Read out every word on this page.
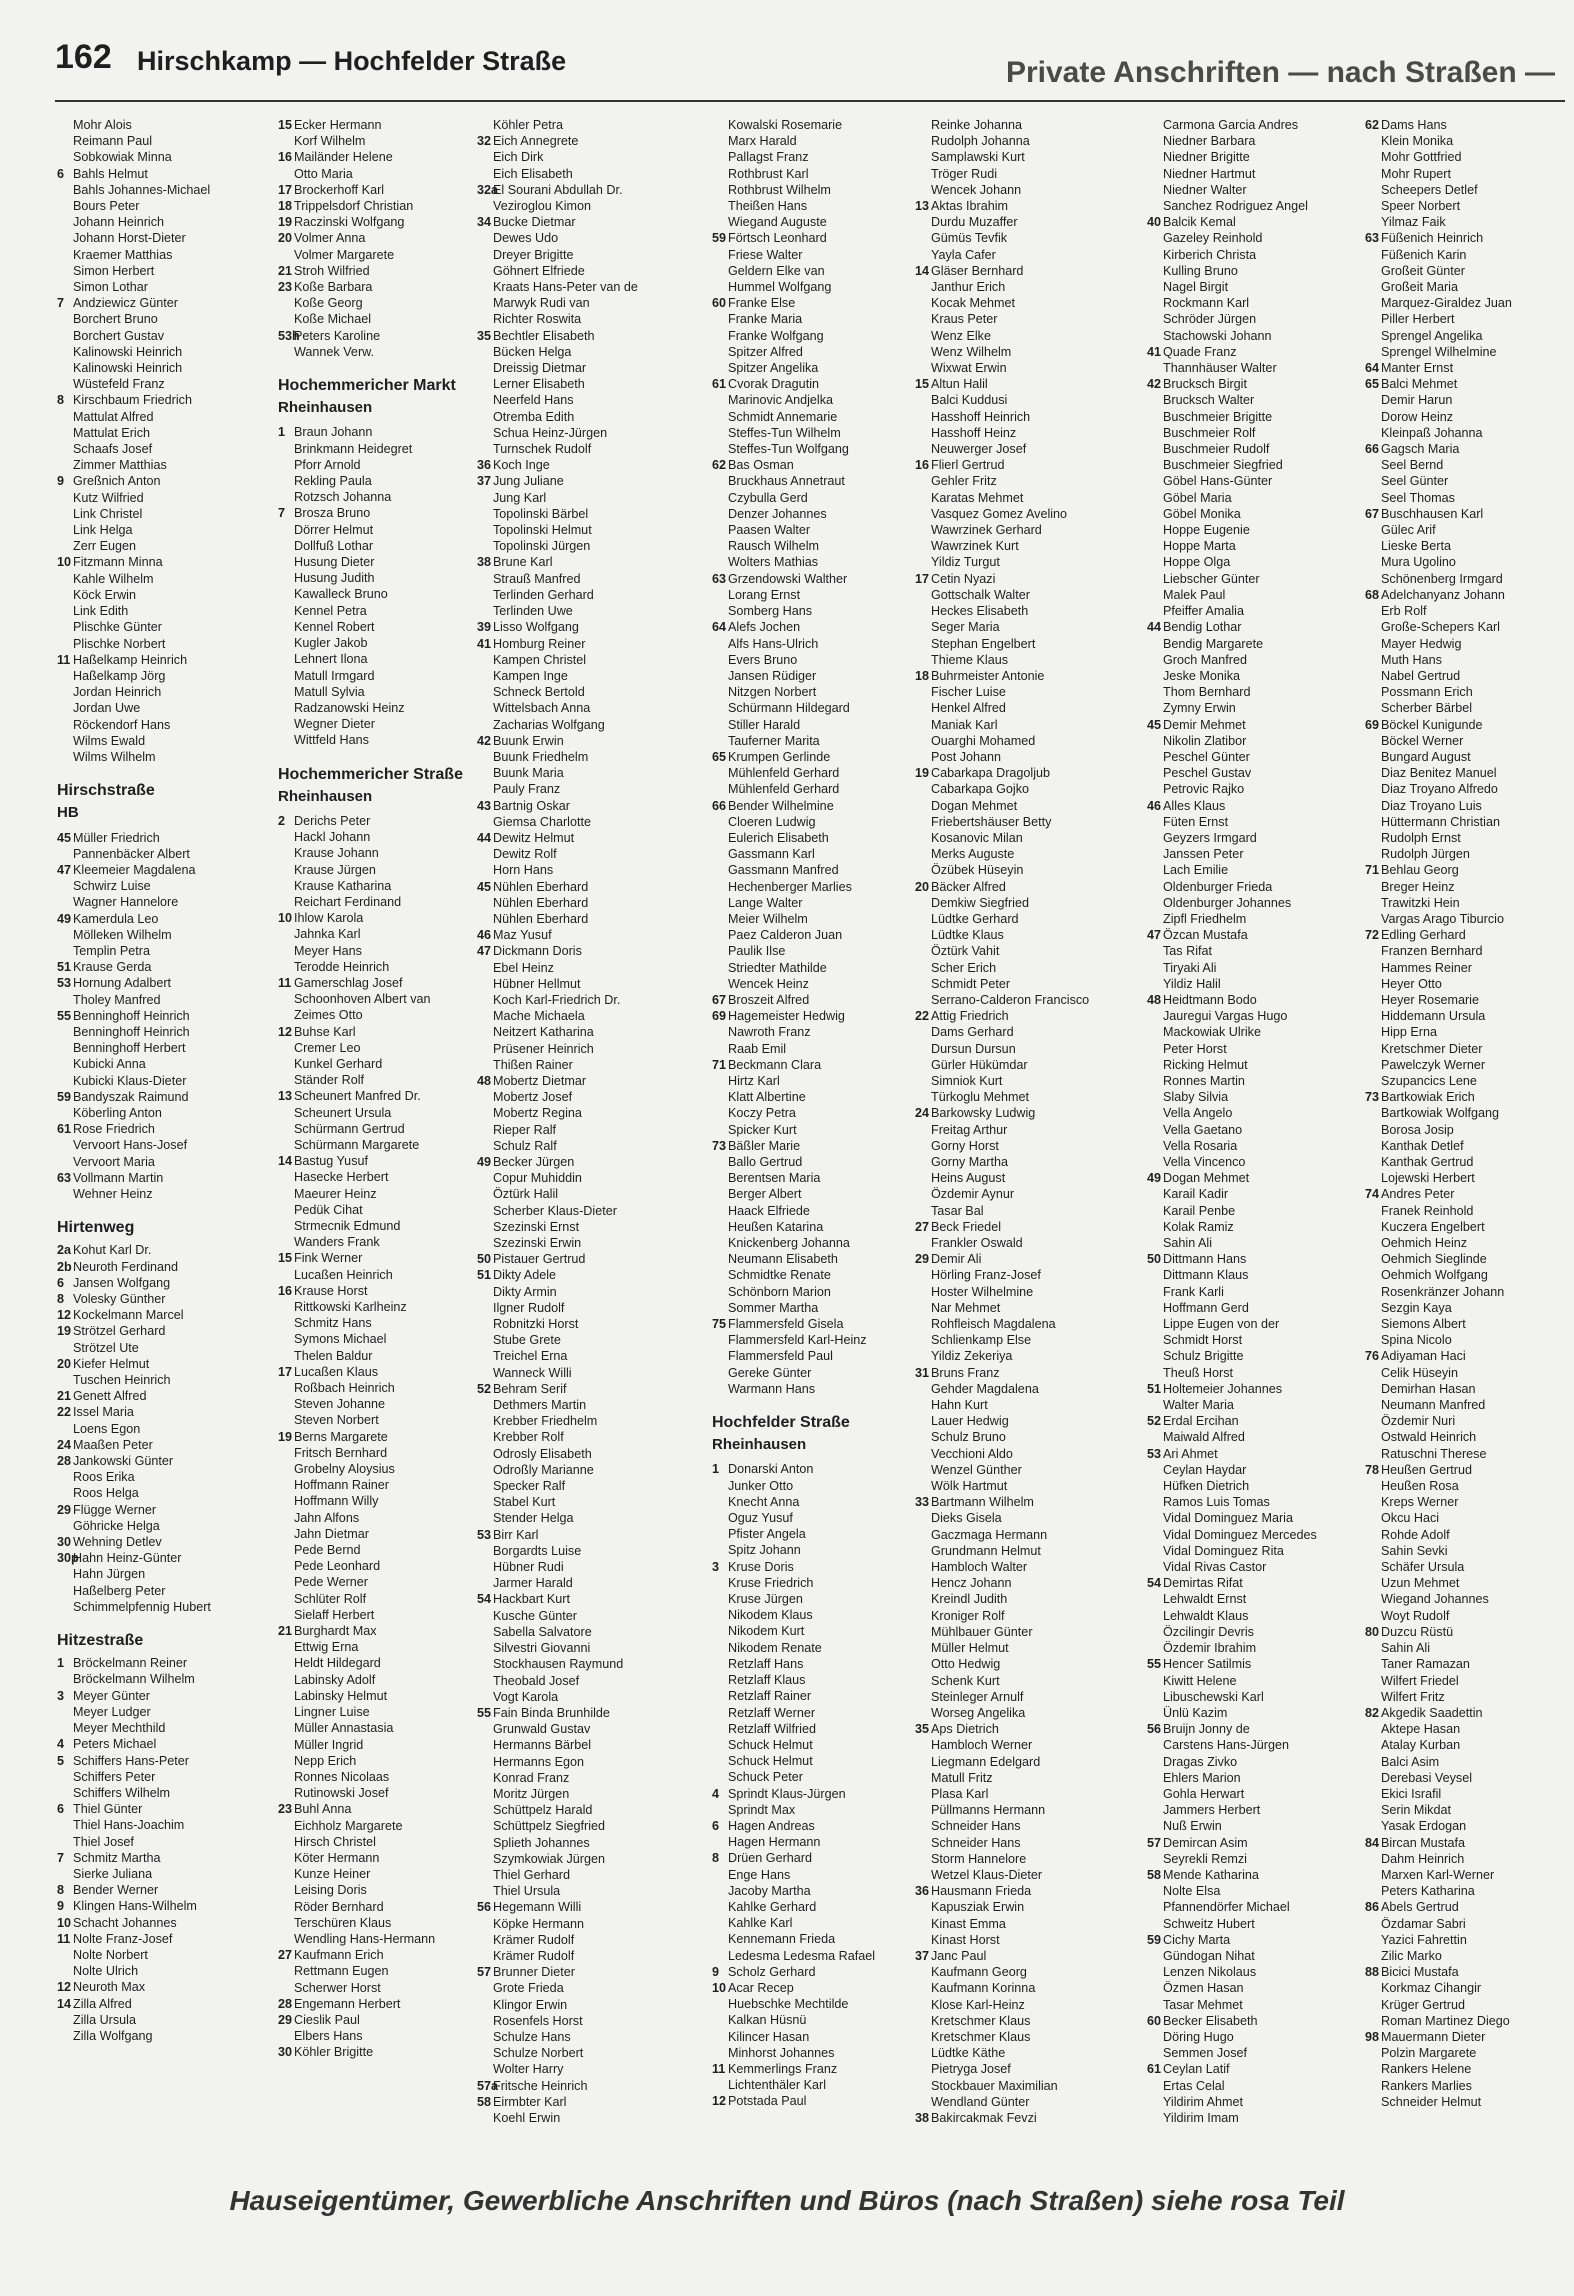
162 Hirschkamp — Hochfelder Straße	Private Anschriften — nach Straßen —
Mohr Alois
Reimann Paul
Sobkowiak Minna
6 Bahls Helmut
Bahls Johannes-Michael
Bours Peter
Johann Heinrich
Johann Horst-Dieter
Kraemer Matthias
Simon Herbert
Simon Lothar
7 Andziewicz Günter
Borchert Bruno
Borchert Gustav
Kalinowski Heinrich
Kalinowski Heinrich
Wüstefeld Franz
8 Kirschbaum Friedrich
Mattulat Alfred
Mattulat Erich
Schaafs Josef
Zimmer Matthias
9 Greßnich Anton
Kutz Wilfried
Link Christel
Link Helga
Zerr Eugen
10 Fitzmann Minna
Kahle Wilhelm
Köck Erwin
Link Edith
Plischke Günter
Plischke Norbert
11 Haßelkamp Heinrich
Haßelkamp Jörg
Jordan Heinrich
Jordan Uwe
Röckendorf Hans
Wilms Ewald
Wilms Wilhelm
Hirschstraße
HB
45 Müller Friedrich
Pannenbäcker Albert
47 Kleemeier Magdalena
Schwirz Luise
Wagner Hannelore
49 Kamerdula Leo
Mölleken Wilhelm
Templin Petra
51 Krause Gerda
53 Hornung Adalbert
Tholey Manfred
55 Benninghoff Heinrich
Benninghoff Heinrich
Benninghoff Herbert
Kubicki Anna
Kubicki Klaus-Dieter
59 Bandyszak Raimund
Köberling Anton
61 Rose Friedrich
Vervoort Hans-Josef
Vervoort Maria
63 Vollmann Martin
Wehner Heinz
Hirtenweg
2a Kohut Karl Dr.
2bNeuroth Ferdinand
6 Jansen Wolfgang
8 Volesky Günther
12 Kockelmann Marcel
19 Strötzel Gerhard
Strötzel Ute
20 Kiefer Helmut
Tuschen Heinrich
21 Genett Alfred
22 Issel Maria
Loens Egon
24 Maaßen Peter
28 Jankowski Günter
Roos Erika
Roos Helga
29 Flügge Werner
Göhricke Helga
30 Wehning Detlev
30pHahn Heinz-Günter
Hahn Jürgen
Haßelberg Peter
Schimmelpfennig Hubert
Hitzestraße
1 Bröckelmann Reiner
Bröckelmann Wilhelm
3 Meyer Günter
Meyer Ludger
Meyer Mechthild
4 Peters Michael
5 Schiffers Hans-Peter
Schiffers Peter
Schiffers Wilhelm
6 Thiel Günter
Thiel Hans-Joachim
Thiel Josef
7 Schmitz Martha
Sierke Juliana
8 Bender Werner
9 Klingen Hans-Wilhelm
10 Schacht Johannes
11 Nolte Franz-Josef
Nolte Norbert
Nolte Ulrich
12 Neuroth Max
14 Zilla Alfred
Zilla Ursula
Zilla Wolfgang
15 Ecker Hermann
Korf Wilhelm
16 Mailänder Helene
Otto Maria
17 Brockerhoff Karl
18 Trippelsdorf Christian
19 Raczinski Wolfgang
20 Volmer Anna
Volmer Margarete
21 Stroh Wilfried
23 Koße Barbara
Koße Georg
Koße Michael
53hPeters Karoline
Wannek Verw.
Hochemmericher Markt
Rheinhausen
1 Braun Johann
Brinkmann Heidegret
Pforr Arnold
Rekling Paula
Rotzsch Johanna
7 Brosza Bruno
Dörrer Helmut
Dollfuß Lothar
Husung Dieter
Husung Judith
Kawalleck Bruno
Kennel Petra
Kennel Robert
Kugler Jakob
Lehnert Ilona
Matull Irmgard
Matull Sylvia
Radzanowski Heinz
Wegner Dieter
Wittfeld Hans
Hochemmericher Straße
Rheinhausen
2 Derichs Peter
Hackl Johann
Krause Johann
Krause Jürgen
Krause Katharina
Reichart Ferdinand
10 Ihlow Karola
Jahnka Karl
Meyer Hans
Terodde Heinrich
11 Gamerschlag Josef
Schoonhoven Albert van
Zeimes Otto
12 Buhse Karl
Cremer Leo
Kunkel Gerhard
Ständer Rolf
13 Scheunert Manfred Dr.
Scheunert Ursula
Schürmann Gertrud
Schürmann Margarete
14 Bastug Yusuf
Hasecke Herbert
Maeurer Heinz
Pedük Cihat
Strmecnik Edmund
Wanders Frank
15 Fink Werner
Lucaßen Heinrich
16 Krause Horst
Rittkowski Karlheinz
Schmitz Hans
Symons Michael
Thelen Baldur
17 Lucaßen Klaus
Roßbach Heinrich
Steven Johanne
Steven Norbert
19 Berns Margarete
Fritsch Bernhard
Grobelny Aloysius
Hoffmann Rainer
Hoffmann Willy
Jahn Alfons
Jahn Dietmar
Pede Bernd
Pede Leonhard
Pede Werner
Schlüter Rolf
Sielaff Herbert
21 Burghardt Max
Ettwig Erna
Heldt Hildegard
Labinsky Adolf
Labinsky Helmut
Lingner Luise
Müller Annastasia
Müller Ingrid
Nepp Erich
Ronnes Nicolaas
Rutinowski Josef
23 Buhl Anna
Eichholz Margarete
Hirsch Christel
Köter Hermann
Kunze Heiner
Leising Doris
Röder Bernhard
Terschüren Klaus
Wendling Hans-Hermann
27 Kaufmann Erich
Rettmann Eugen
Scherwer Horst
28 Engemann Herbert
29 Cieslik Paul
Elbers Hans
30 Köhler Brigitte
Köhler Petra
32 Eich Annegrete
Eich Dirk
Eich Elisabeth
32aEl Sourani Abdullah Dr.
Veziroglou Kimon
34 Bucke Dietmar
Dewes Udo
Dreyer Brigitte
Göhnert Elfriede
Kraats Hans-Peter van de
Marwyk Rudi van
Richter Roswita
35 Bechtler Elisabeth
Bücken Helga
Dreissig Dietmar
Lerner Elisabeth
Neerfeld Hans
Otremba Edith
Schua Heinz-Jürgen
Turnschek Rudolf
36 Koch Inge
37 Jung Juliane
Jung Karl
Topolinski Bärbel
Topolinski Helmut
Topolinski Jürgen
38 Brune Karl
Strauß Manfred
Terlinden Gerhard
Terlinden Uwe
39 Lisso Wolfgang
41 Homburg Reiner
Kampen Christel
Kampen Inge
Schneck Bertold
Wittelsbach Anna
Zacharias Wolfgang
42 Buunk Erwin
Buunk Friedhelm
Buunk Maria
Pauly Franz
43 Bartnig Oskar
Giemsa Charlotte
44 Dewitz Helmut
Dewitz Rolf
Horn Hans
45 Nühlen Eberhard
Nühlen Eberhard
Nühlen Eberhard
46 Maz Yusuf
47 Dickmann Doris
Ebel Heinz
Hübner Hellmut
Koch Karl-Friedrich Dr.
Mache Michaela
Neitzert Katharina
Prüsener Heinrich
Thißen Rainer
48 Mobertz Dietmar
Mobertz Josef
Mobertz Regina
Rieper Ralf
Schulz Ralf
49 Becker Jürgen
Copur Muhiddin
Öztürk Halil
Scherber Klaus-Dieter
Szezinski Ernst
Szezinski Erwin
50 Pistauer Gertrud
51 Dikty Adele
Dikty Armin
Ilgner Rudolf
Robnitzki Horst
Stube Grete
Treichel Erna
Wanneck Willi
52 Behram Serif
Dethmers Martin
Krebber Friedhelm
Krebber Rolf
Odrosly Elisabeth
Odroßly Marianne
Specker Ralf
Stabel Kurt
Stender Helga
53 Birr Karl
Borgardts Luise
Hübner Rudi
Jarmer Harald
54 Hackbart Kurt
Kusche Günter
Sabella Salvatore
Silvestri Giovanni
Stockhausen Raymund
Theobald Josef
Vogt Karola
55 Fain Binda Brunhilde
Grunwald Gustav
Hermanns Bärbel
Hermanns Egon
Konrad Franz
Moritz Jürgen
Schüttpelz Harald
Schüttpelz Siegfried
Splieth Johannes
Szymkowiak Jürgen
Thiel Gerhard
Thiel Ursula
56 Hegemann Willi
Köpke Hermann
Krämer Rudolf
Krämer Rudolf
57 Brunner Dieter
Grote Frieda
Klingor Erwin
Rosenfels Horst
Schulze Hans
Schulze Norbert
Wolter Harry
57aFritsche Heinrich
58 Eirmbter Karl
Koehl Erwin
Kowalski Rosemarie
Marx Harald
Pallagst Franz
Rothbrust Karl
Rothbrust Wilhelm
Theißen Hans
Wiegand Auguste
59 Förtsch Leonhard
Friese Walter
Geldern Elke van
Hummel Wolfgang
60 Franke Else
Franke Maria
Franke Wolfgang
Spitzer Alfred
Spitzer Angelika
61 Cvorak Dragutin
Marinovic Andjelka
Schmidt Annemarie
Steffes-Tun Wilhelm
Steffes-Tun Wolfgang
62 Bas Osman
Bruckhaus Annetraut
Czybulla Gerd
Denzer Johannes
Paasen Walter
Rausch Wilhelm
Wolters Mathias
63 Grzendowski Walther
Lorang Ernst
Somberg Hans
64 Alefs Jochen
Alfs Hans-Ulrich
Evers Bruno
Jansen Rüdiger
Nitzgen Norbert
Schürmann Hildegard
Stiller Harald
Tauferner Marita
65 Krumpen Gerlinde
Mühlenfeld Gerhard
Mühlenfeld Gerhard
66 Bender Wilhelmine
Cloeren Ludwig
Eulerich Elisabeth
Gassmann Karl
Gassmann Manfred
Hechenberger Marlies
Lange Walter
Meier Wilhelm
Paez Calderon Juan
Paulik Ilse
Striedter Mathilde
Wencek Heinz
67 Broszeit Alfred
69 Hagemeister Hedwig
Nawroth Franz
Raab Emil
71 Beckmann Clara
Hirtz Karl
Klatt Albertine
Koczy Petra
Spicker Kurt
73 Bäßler Marie
Ballo Gertrud
Berentsen Maria
Berger Albert
Haack Elfriede
Heußen Katarina
Knickenberg Johanna
Neumann Elisabeth
Schmidtke Renate
Schönborn Marion
Sommer Martha
75 Flammersfeld Gisela
Flammersfeld Karl-Heinz
Flammersfeld Paul
Gereke Günter
Warmann Hans
Hochfelder Straße
Rheinhausen
1 Donarski Anton
Junker Otto
Knecht Anna
Oguz Yusuf
Pfister Angela
Spitz Johann
3 Kruse Doris
Kruse Friedrich
Kruse Jürgen
Nikodem Klaus
Nikodem Kurt
Nikodem Renate
Retzlaff Hans
Retzlaff Klaus
Retzlaff Rainer
Retzlaff Werner
Retzlaff Wilfried
Schuck Helmut
Schuck Helmut
Schuck Peter
4 Sprindt Klaus-Jürgen
Sprindt Max
6 Hagen Andreas
Hagen Hermann
8 Drüen Gerhard
Enge Hans
Jacoby Martha
Kahlke Gerhard
Kahlke Karl
Kennemann Frieda
Ledesma Ledesma Rafael
9 Scholz Gerhard
10 Acar Recep
Huebschke Mechtilde
Kalkan Hüsnü
Kilincer Hasan
Minhorst Johannes
11 Kemmerlings Franz
Lichtenthäler Karl
12 Potstada Paul
Reinke Johanna
Rudolph Johanna
Samplawski Kurt
Tröger Rudi
Wencek Johann
13 Aktas Ibrahim
Durdu Muzaffer
Gümüs Tevfik
Yayla Cafer
14 Gläser Bernhard
Janthur Erich
Kocak Mehmet
Kraus Peter
Wenz Elke
Wenz Wilhelm
Wixwat Erwin
15 Altun Halil
Balci Kuddusi
Hasshoff Heinrich
Hasshoff Heinz
Neuwerger Josef
16 Flierl Gertrud
Gehler Fritz
Karatas Mehmet
Vasquez Gomez Avelino
Wawrzinek Gerhard
Wawrzinek Kurt
Yildiz Turgut
17 Cetin Nyazi
Gottschalk Walter
Heckes Elisabeth
Seger Maria
Stephan Engelbert
Thieme Klaus
18 Buhrmeister Antonie
Fischer Luise
Henkel Alfred
Maniak Karl
Ouarghi Mohamed
Post Johann
19 Cabarkapa Dragoljub
Cabarkapa Gojko
Dogan Mehmet
Friebertshäuser Betty
Kosanovic Milan
Merks Auguste
Özübek Hüseyin
20 Bäcker Alfred
Demkiw Siegfried
Lüdtke Gerhard
Lüdtke Klaus
Öztürk Vahit
Scher Erich
Schmidt Peter
Serrano-Calderon Francisco
22 Attig Friedrich
Dams Gerhard
Dursun Dursun
Gürler Hükümdar
Simniok Kurt
Türkoglu Mehmet
24 Barkowsky Ludwig
Freitag Arthur
Gorny Horst
Gorny Martha
Heins August
Özdemir Aynur
Tasar Bal
27 Beck Friedel
Frankler Oswald
29 Demir Ali
Hörling Franz-Josef
Hoster Wilhelmine
Nar Mehmet
Rohfleisch Magdalena
Schlienkamp Else
Yildiz Zekeriya
31 Bruns Franz
Gehder Magdalena
Hahn Kurt
Lauer Hedwig
Schulz Bruno
Vecchioni Aldo
Wenzel Günther
Wölk Hartmut
33 Bartmann Wilhelm
Dieks Gisela
Gaczmaga Hermann
Grundmann Helmut
Hambloch Walter
Hencz Johann
Kreindl Judith
Kroniger Rolf
Mühlbauer Günter
Müller Helmut
Otto Hedwig
Schenk Kurt
Steinleger Arnulf
Worseg Angelika
35 Aps Dietrich
Hambloch Werner
Liegmann Edelgard
Matull Fritz
Plasa Karl
Püllmanns Hermann
Schneider Hans
Schneider Hans
Storm Hannelore
Wetzel Klaus-Dieter
36 Hausmann Frieda
Kapusziak Erwin
Kinast Emma
Kinast Horst
37 Janc Paul
Kaufmann Georg
Kaufmann Korinna
Klose Karl-Heinz
Kretschmer Klaus
Kretschmer Klaus
Lüdtke Käthe
Pietryga Josef
Stockbauer Maximilian
Wendland Günter
38 Bakircakmak Fevzi
Carmona Garcia Andres
Niedner Barbara
Niedner Brigitte
Niedner Hartmut
Niedner Walter
Sanchez Rodriguez Angel
40 Balcik Kemal
Gazeley Reinhold
Kirberich Christa
Kulling Bruno
Nagel Birgit
Rockmann Karl
Schröder Jürgen
Stachowski Johann
41 Quade Franz
Thannhäuser Walter
42 Brucksch Birgit
Brucksch Walter
Buschmeier Brigitte
Buschmeier Rolf
Buschmeier Rudolf
Buschmeier Siegfried
Göbel Hans-Günter
Göbel Maria
Göbel Monika
Hoppe Eugenie
Hoppe Marta
Hoppe Olga
Liebscher Günter
Malek Paul
Pfeiffer Amalia
44 Bendig Lothar
Bendig Margarete
Groch Manfred
Jeske Monika
Thom Bernhard
Zymny Erwin
45 Demir Mehmet
Nikolin Zlatibor
Peschel Günter
Peschel Gustav
Petrovic Rajko
46 Alles Klaus
Füten Ernst
Geyzers Irmgard
Janssen Peter
Lach Emilie
Oldenburger Frieda
Oldenburger Johannes
Zipfl Friedhelm
47 Özcan Mustafa
Tas Rifat
Tiryaki Ali
Yildiz Halil
48 Heidtmann Bodo
Jauregui Vargas Hugo
Mackowiak Ulrike
Peter Horst
Ricking Helmut
Ronnes Martin
Slaby Silvia
Vella Angelo
Vella Gaetano
Vella Rosaria
Vella Vincenco
49 Dogan Mehmet
Karail Kadir
Karail Penbe
Kolak Ramiz
Sahin Ali
50 Dittmann Hans
Dittmann Klaus
Frank Karli
Hoffmann Gerd
Lippe Eugen von der
Schmidt Horst
Schulz Brigitte
Theuß Horst
51 Holtemeier Johannes
Walter Maria
52 Erdal Ercihan
Maiwald Alfred
53 Ari Ahmet
Ceylan Haydar
Hüfken Dietrich
Ramos Luis Tomas
Vidal Dominguez Maria
Vidal Dominguez Mercedes
Vidal Dominguez Rita
Vidal Rivas Castor
54 Demirtas Rifat
Lehwaldt Ernst
Lehwaldt Klaus
Özcilingir Devris
Özdemir Ibrahim
55 Hencer Satilmis
Kiwitt Helene
Libuschewski Karl
Ünlü Kazim
56 Bruijn Jonny de
Carstens Hans-Jürgen
Dragas Zivko
Ehlers Marion
Gohla Herwart
Jammers Herbert
Nuß Erwin
57 Demircan Asim
Seyrekli Remzi
58 Mende Katharina
Nolte Elsa
Pfannendörfer Michael
Schweitz Hubert
59 Cichy Marta
Gündogan Nihat
Lenzen Nikolaus
Özmen Hasan
Tasar Mehmet
60 Becker Elisabeth
Döring Hugo
Semmen Josef
61 Ceylan Latif
Ertas Celal
Yildirim Ahmet
Yildirim Imam
62 Dams Hans
Klein Monika
Mohr Gottfried
Mohr Rupert
Scheepers Detlef
Speer Norbert
Yilmaz Faik
63 Füßenich Heinrich
Füßenich Karin
Großeit Günter
Großeit Maria
Marquez-Giraldez Juan
Piller Herbert
Sprengel Angelika
Sprengel Wilhelmine
64 Manter Ernst
65 Balci Mehmet
Demir Harun
Dorow Heinz
Kleinpaß Johanna
66 Gagsch Maria
Seel Bernd
Seel Günter
Seel Thomas
67 Buschhausen Karl
Gülec Arif
Lieske Berta
Mura Ugolino
Schönenberg Irmgard
68 Adelchanyanz Johann
Erb Rolf
Große-Schepers Karl
Mayer Hedwig
Muth Hans
Nabel Gertrud
Possmann Erich
Scherber Bärbel
69 Böckel Kunigunde
Böckel Werner
Bungard August
Diaz Benitez Manuel
Diaz Troyano Alfredo
Diaz Troyano Luis
Hüttermann Christian
Rudolph Ernst
Rudolph Jürgen
71 Behlau Georg
Breger Heinz
Trawitzki Hein
Vargas Arago Tiburcio
72 Edling Gerhard
Franzen Bernhard
Hammes Reiner
Heyer Otto
Heyer Rosemarie
Hiddemann Ursula
Hipp Erna
Kretschmer Dieter
Pawelczyk Werner
Szupancics Lene
73 Bartkowiak Erich
Bartkowiak Wolfgang
Borosa Josip
Kanthak Detlef
Kanthak Gertrud
Lojewski Herbert
74 Andres Peter
Franek Reinhold
Kuczera Engelbert
Oehmich Heinz
Oehmich Sieglinde
Oehmich Wolfgang
Rosenkränzer Johann
Sezgin Kaya
Siemons Albert
Spina Nicolo
76 Adiyaman Haci
Celik Hüseyin
Demirhan Hasan
Neumann Manfred
Özdemir Nuri
Ostwald Heinrich
Ratuschni Therese
78 Heußen Gertrud
Heußen Rosa
Kreps Werner
Okcu Haci
Rohde Adolf
Sahin Sevki
Schäfer Ursula
Uzun Mehmet
Wiegand Johannes
Woyt Rudolf
80 Duzcu Rüstü
Sahin Ali
Taner Ramazan
Wilfert Friedel
Wilfert Fritz
82 Akgedik Saadettin
Aktepe Hasan
Atalay Kurban
Balci Asim
Derebasi Veysel
Ekici Israfil
Serin Mikdat
Yasak Erdogan
84 Bircan Mustafa
Dahm Heinrich
Marxen Karl-Werner
Peters Katharina
86 Abels Gertrud
Özdamar Sabri
Yazici Fahrettin
Zilic Marko
88 Bicici Mustafa
Korkmaz Cihangir
Krüger Gertrud
Roman Martinez Diego
98 Mauermann Dieter
Polzin Margarete
Rankers Helene
Rankers Marlies
Schneider Helmut
Hauseigentümer, Gewerbliche Anschriften und Büros (nach Straßen) siehe rosa Teil
